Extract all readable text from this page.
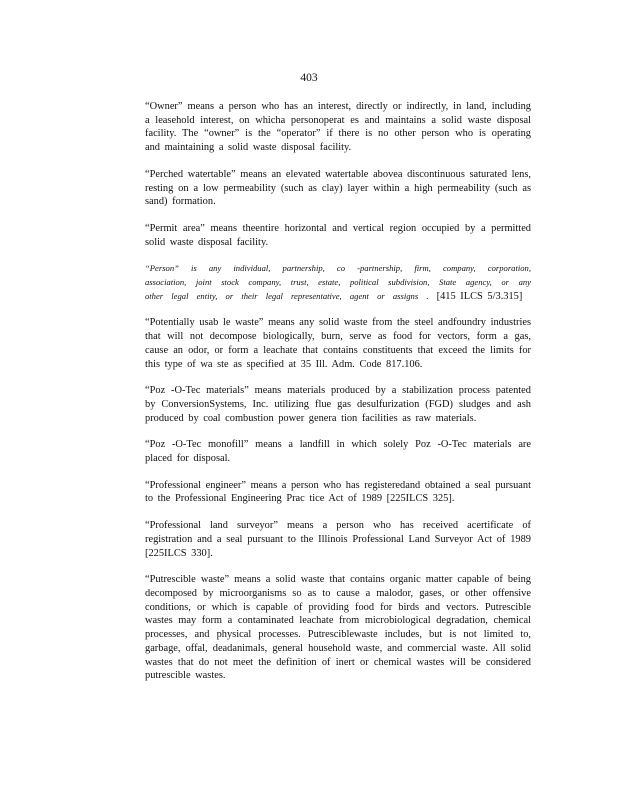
403

“Owner” means a person who has an interest, directly or indirectly, in land, including a leasehold interest, on whicha personoperat es and maintains a solid waste disposal facility. The “owner” is the “operator” if there is no other person who is operating and maintaining a solid waste disposal facility.

“Perched watertable” means an elevated watertable abovea discontinuous saturated lens, resting on a low permeability (such as clay) layer within a high permeability (such as sand) formation.

“Permit area” means theentire horizontal and vertical region occupied by a permitted solid waste disposal facility.

“Person” is any individual, partnership, co -partnership, firm, company, corporation, association, joint stock company, trust, estate, political subdivision, State agency, or any other legal entity, or their legal representative, agent or assigns . [415 ILCS 5/3.315]

“Potentially usab le waste” means any solid waste from the steel andfoundry industries that will not decompose biologically, burn, serve as food for vectors, form a gas, cause an odor, or form a leachate that contains constituents that exceed the limits for this type of wa ste as specified at 35 Ill. Adm. Code 817.106.

“Poz -O-Tec materials” means materials produced by a stabilization process patented by ConversionSystems, Inc. utilizing flue gas desulfurization (FGD) sludges and ash produced by coal combustion power genera tion facilities as raw materials.

“Poz -O-Tec monofill” means a landfill in which solely Poz -O-Tec materials are placed for disposal.

“Professional engineer” means a person who has registeredand obtained a seal pursuant to the Professional Engineering Prac tice Act of 1989 [225ILCS 325].

“Professional land surveyor” means a person who has received acertificate of registration and a seal pursuant to the Illinois Professional Land Surveyor Act of 1989 [225ILCS 330].

“Putrescible waste” means a solid waste that contains organic matter capable of being decomposed by microorganisms so as to cause a malodor, gases, or other offensive conditions, or which is capable of providing food for birds and vectors. Putrescible wastes may form a contaminated leachate from microbiological degradation, chemical processes, and physical processes. Putresciblewaste includes, but is not limited to, garbage, offal, deadanimals, general household waste, and commercial waste. All solid wastes that do not meet the definition of inert or chemical wastes will be considered putrescible wastes.
